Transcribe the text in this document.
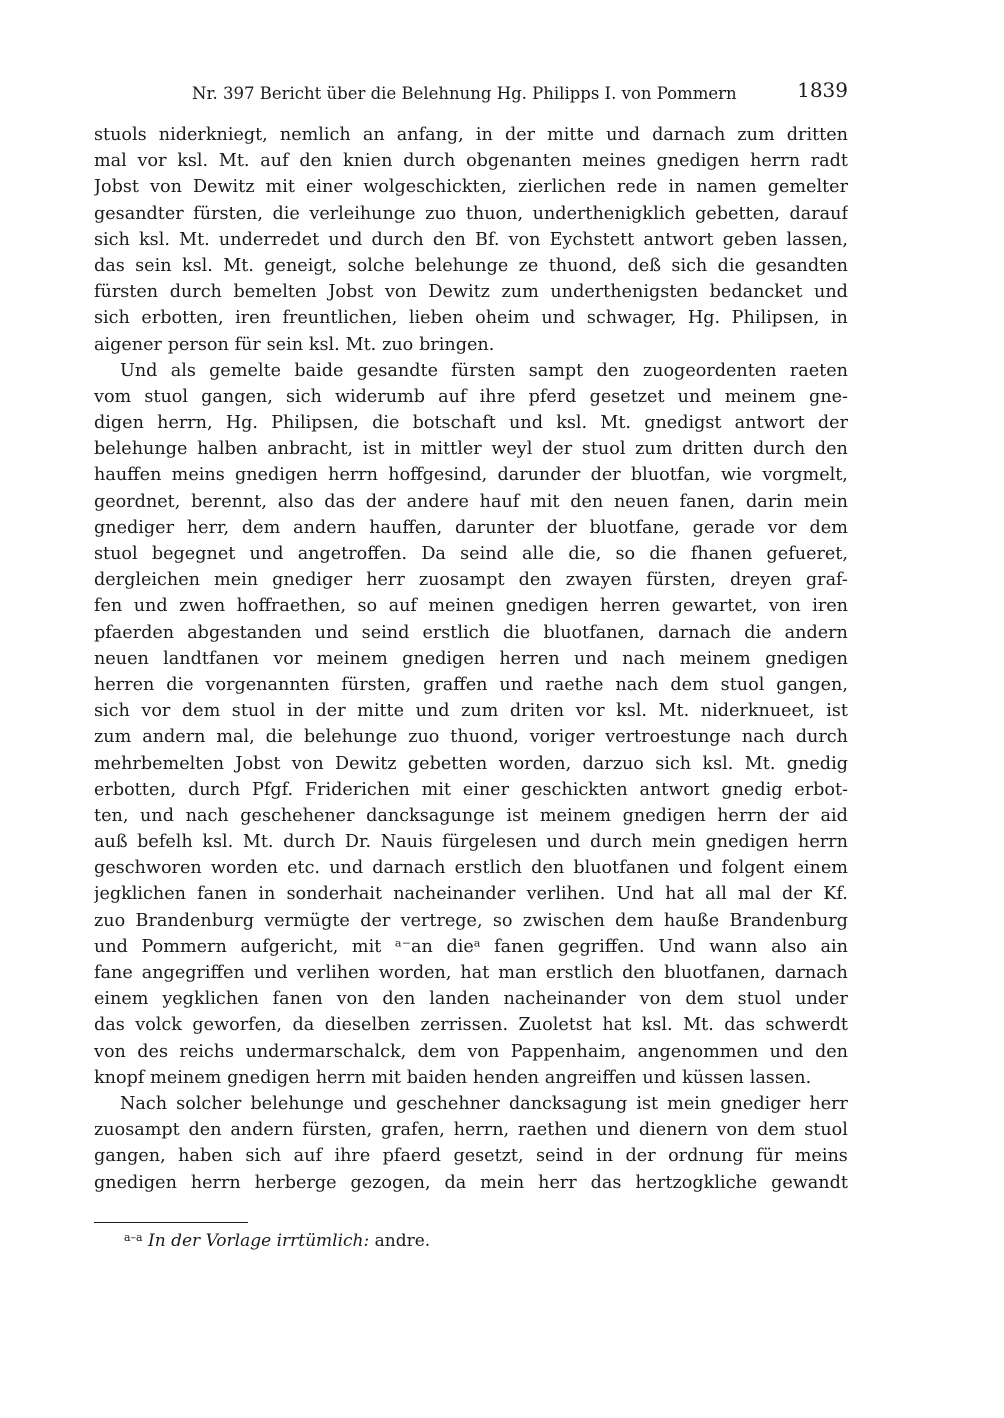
Nr. 397 Bericht über die Belehnung Hg. Philipps I. von Pommern	1839
stuols niderkniegt, nemlich an anfang, in der mitte und darnach zum dritten
mal vor ksl. Mt. auf den knien durch obgenanten meines gnedigen herrn radt
Jobst von Dewitz mit einer wolgeschickten, zierlichen rede in namen gemelter
gesandter fürsten, die verleihunge zuo thuon, underthenigklich gebetten, darauf
sich ksl. Mt. underredet und durch den Bf. von Eychstett antwort geben lassen,
das sein ksl. Mt. geneigt, solche belehunge ze thuond, deß sich die gesandten
fürsten durch bemelten Jobst von Dewitz zum underthenigsten bedancket und
sich erbotten, iren freuntlichen, lieben oheim und schwager, Hg. Philipsen, in
aigener person für sein ksl. Mt. zuo bringen.
Und als gemelte baide gesandte fürsten sampt den zuogeordenten raeten
vom stuol gangen, sich widerumb auf ihre pferd gesetzet und meinem gne-
digen herrn, Hg. Philipsen, die botschaft und ksl. Mt. gnedigst antwort der
belehunge halben anbracht, ist in mittler weyl der stuol zum dritten durch den
hauffen meins gnedigen herrn hoffgesind, darunder der bluotfan, wie vorgmelt,
geordnet, berennt, also das der andere hauf mit den neuen fanen, darin mein
gnediger herr, dem andern hauffen, darunter der bluotfane, gerade vor dem
stuol begegnet und angetroffen. Da seind alle die, so die fhanen gefueret,
dergleichen mein gnediger herr zuosampt den zwayen fürsten, dreyen graf-
fen und zwen hoffraethen, so auf meinen gnedigen herren gewartet, von iren
pfaerden abgestanden und seind erstlich die bluotfanen, darnach die andern
neuen landtfanen vor meinem gnedigen herren und nach meinem gnedigen
herren die vorgenannten fürsten, graffen und raethe nach dem stuol gangen,
sich vor dem stuol in der mitte und zum driten vor ksl. Mt. niderknueet, ist
zum andern mal, die belehunge zuo thuond, voriger vertroestunge nach durch
mehrbemelten Jobst von Dewitz gebetten worden, darzuo sich ksl. Mt. gnedig
erbotten, durch Pfgf. Friderichen mit einer geschickten antwort gnedig erbot-
ten, und nach geschehener dancksagunge ist meinem gnedigen herrn der aid
auß befelh ksl. Mt. durch Dr. Nauis fürgelesen und durch mein gnedigen herrn
geschworen worden etc. und darnach erstlich den bluotfanen und folgent einem
jegklichen fanen in sonderhait nacheinander verlihen. Und hat all mal der Kf.
zuo Brandenburg vermügte der vertrege, so zwischen dem hauße Brandenburg
und Pommern aufgericht, mit ᵃ⁻an dieᵃ fanen gegriffen. Und wann also ain
fane angegriffen und verlihen worden, hat man erstlich den bluotfanen, darnach
einem yegklichen fanen von den landen nacheinander von dem stuol under
das volck geworfen, da dieselben zerrissen. Zuoletst hat ksl. Mt. das schwerdt
von des reichs undermarschalck, dem von Pappenhaim, angenommen und den
knopf meinem gnedigen herrn mit baiden henden angreiffen und küssen lassen.
Nach solcher belehunge und geschehner dancksagung ist mein gnediger herr
zuosampt den andern fürsten, grafen, herrn, raethen und dienern von dem stuol
gangen, haben sich auf ihre pfaerd gesetzt, seind in der ordnung für meins
gnedigen herrn herberge gezogen, da mein herr das hertzogkliche gewandt
$^{a-a}$ In der Vorlage irrtümlich: andre.
